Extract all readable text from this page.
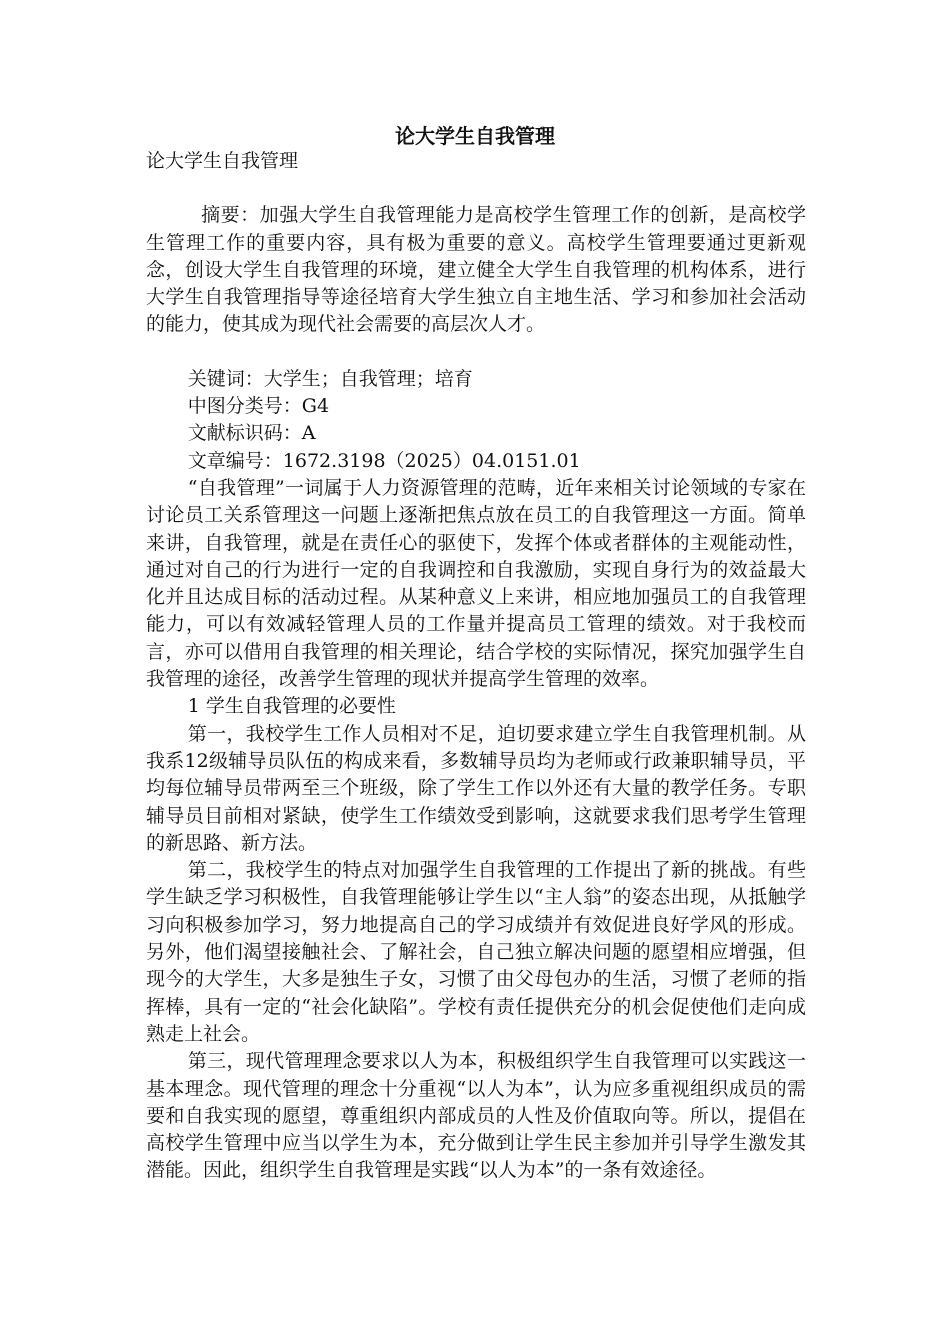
论大学生自我管理

论大学生自我管理

摘要：加强大学生自我管理能力是高校学生管理工作的创新，是高校学生管理工作的重要内容，具有极为重要的意义。高校学生管理要通过更新观念，创设大学生自我管理的环境，建立健全大学生自我管理的机构体系，进行大学生自我管理指导等途径培育大学生独立自主地生活、学习和参加社会活动的能力，使其成为现代社会需要的高层次人才。

关键词：大学生；自我管理；培育

中图分类号：G4

文献标识码：A

文章编号：1672.3198（2025）04.0151.01

“自我管理”一词属于人力资源管理的范畴，近年来相关讨论领域的专家在讨论员工关系管理这一问题上逐渐把焦点放在员工的自我管理这一方面。简单来讲，自我管理，就是在责任心的驱使下，发挥个体或者群体的主观能动性，通过对自己的行为进行一定的自我调控和自我激励，实现自身行为的效益最大化并且达成目标的活动过程。从某种意义上来讲，相应地加强员工的自我管理能力，可以有效减轻管理人员的工作量并提高员工管理的绩效。对于我校而言，亦可以借用自我管理的相关理论，结合学校的实际情况，探究加强学生自我管理的途径，改善学生管理的现状并提高学生管理的效率。

1 学生自我管理的必要性

第一，我校学生工作人员相对不足，迫切要求建立学生自我管理机制。从我系12级辅导员队伍的构成来看，多数辅导员均为老师或行政兼职辅导员，平均每位辅导员带两至三个班级，除了学生工作以外还有大量的教学任务。专职辅导员目前相对紧缺，使学生工作绩效受到影响，这就要求我们思考学生管理的新思路、新方法。

第二，我校学生的特点对加强学生自我管理的工作提出了新的挑战。有些学生缺乏学习积极性，自我管理能够让学生以“主人翁”的姿态出现，从抵触学习向积极参加学习，努力地提高自己的学习成绩并有效促进良好学风的形成。另外，他们渴望接触社会、了解社会，自己独立解决问题的愿望相应增强，但现今的大学生，大多是独生子女，习惯了由父母包办的生活，习惯了老师的指挥棒，具有一定的“社会化缺陷”。学校有责任提供充分的机会促使他们走向成熟走上社会。

第三，现代管理理念要求以人为本，积极组织学生自我管理可以实践这一基本理念。现代管理的理念十分重视“以人为本”，认为应多重视组织成员的需要和自我实现的愿望，尊重组织内部成员的人性及价值取向等。所以，提倡在高校学生管理中应当以学生为本，充分做到让学生民主参加并引导学生激发其潜能。因此，组织学生自我管理是实践“以人为本”的一条有效途径。
